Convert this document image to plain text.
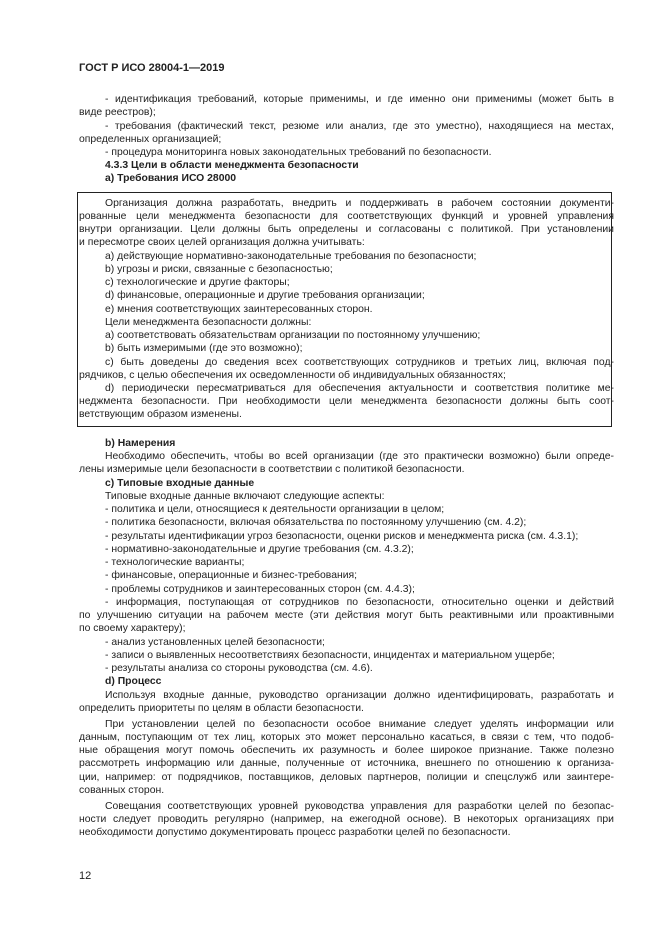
ГОСТ Р ИСО 28004-1—2019
- идентификация требований, которые применимы, и где именно они применимы (может быть в
виде реестров);
- требования (фактический текст, резюме или анализ, где это уместно), находящиеся на местах,
определенных организацией;
- процедура мониторинга новых законодательных требований по безопасности.
4.3.3 Цели в области менеджмента безопасности
а) Требования ИСО 28000
Организация должна разработать, внедрить и поддерживать в рабочем состоянии документи-
рованные цели менеджмента безопасности для соответствующих функций и уровней управления
внутри организации. Цели должны быть определены и согласованы с политикой. При установлении
и пересмотре своих целей организация должна учитывать:
a) действующие нормативно-законодательные требования по безопасности;
b) угрозы и риски, связанные с безопасностью;
c) технологические и другие факторы;
d) финансовые, операционные и другие требования организации;
e) мнения соответствующих заинтересованных сторон.
Цели менеджмента безопасности должны:
a) соответствовать обязательствам организации по постоянному улучшению;
b) быть измеримыми (где это возможно);
c) быть доведены до сведения всех соответствующих сотрудников и третьих лиц, включая под-
рядчиков, с целью обеспечения их осведомленности об индивидуальных обязанностях;
d) периодически пересматриваться для обеспечения актуальности и соответствия политике ме-
неджмента безопасности. При необходимости цели менеджмента безопасности должны быть соот-
ветствующим образом изменены.
b) Намерения
Необходимо обеспечить, чтобы во всей организации (где это практически возможно) были опреде-
лены измеримые цели безопасности в соответствии с политикой безопасности.
c) Типовые входные данные
Типовые входные данные включают следующие аспекты:
- политика и цели, относящиеся к деятельности организации в целом;
- политика безопасности, включая обязательства по постоянному улучшению (см. 4.2);
- результаты идентификации угроз безопасности, оценки рисков и менеджмента риска (см. 4.3.1);
- нормативно-законодательные и другие требования (см. 4.3.2);
- технологические варианты;
- финансовые, операционные и бизнес-требования;
- проблемы сотрудников и заинтересованных сторон (см. 4.4.3);
- информация, поступающая от сотрудников по безопасности, относительно оценки и действий
по улучшению ситуации на рабочем месте (эти действия могут быть реактивными или проактивными
по своему характеру);
- анализ установленных целей безопасности;
- записи о выявленных несоответствиях безопасности, инцидентах и материальном ущербе;
- результаты анализа со стороны руководства (см. 4.6).
d) Процесс
Используя входные данные, руководство организации должно идентифицировать, разработать и
определить приоритеты по целям в области безопасности.
При установлении целей по безопасности особое внимание следует уделять информации или
данным, поступающим от тех лиц, которых это может персонально касаться, в связи с тем, что подоб-
ные обращения могут помочь обеспечить их разумность и более широкое признание. Также полезно
рассмотреть информацию или данные, полученные от источника, внешнего по отношению к организа-
ции, например: от подрядчиков, поставщиков, деловых партнеров, полиции и спецслужб или заинтере-
сованных сторон.
Совещания соответствующих уровней руководства управления для разработки целей по безопас-
ности следует проводить регулярно (например, на ежегодной основе). В некоторых организациях при
необходимости допустимо документировать процесс разработки целей по безопасности.
12
